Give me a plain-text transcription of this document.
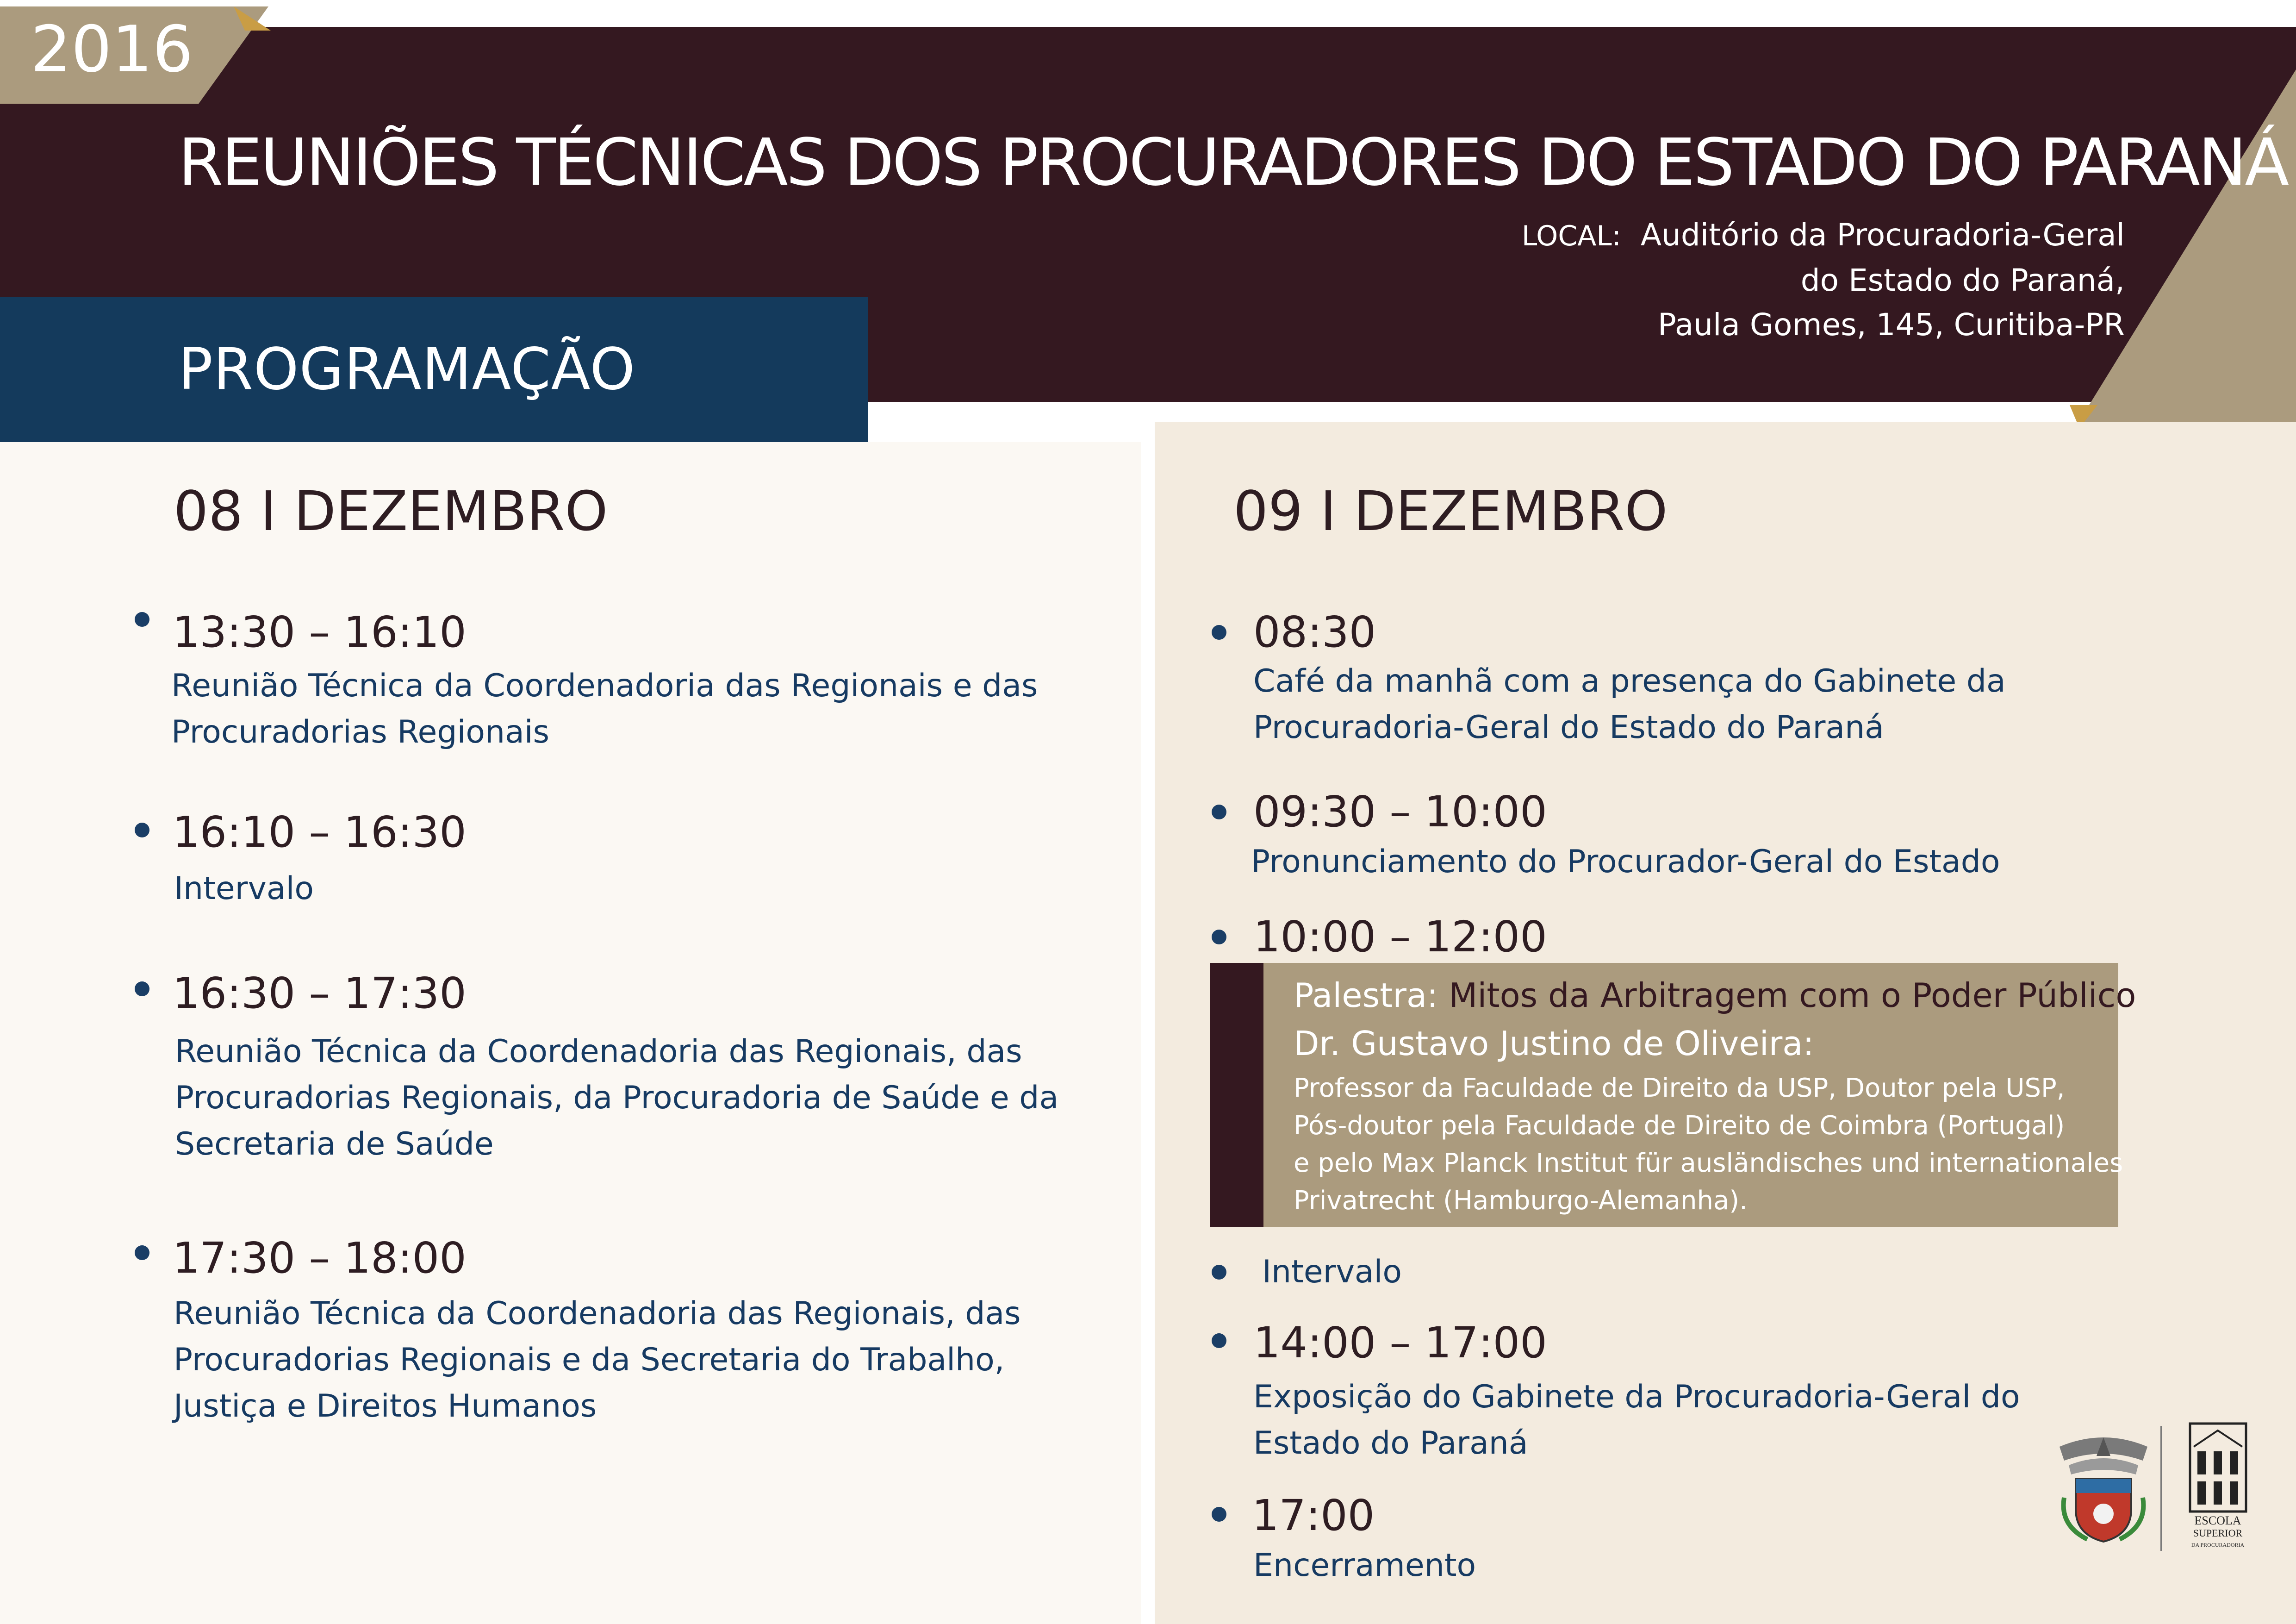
2016
REUNIÕES TÉCNICAS DOS PROCURADORES DO ESTADO DO PARANÁ
LOCAL: Auditório da Procuradoria-Geral
do Estado do Paraná,
Paula Gomes, 145, Curitiba-PR
PROGRAMAÇÃO
08 I DEZEMBRO
13:30 – 16:10
Reunião Técnica da Coordenadoria das Regionais e das
Procuradorias Regionais
16:10 – 16:30
Intervalo
16:30 – 17:30
Reunião Técnica da Coordenadoria das Regionais, das
Procuradorias Regionais, da Procuradoria de Saúde e da
Secretaria de Saúde
17:30 – 18:00
Reunião Técnica da Coordenadoria das Regionais, das
Procuradorias Regionais e da Secretaria do Trabalho,
Justiça e Direitos Humanos
09 I DEZEMBRO
08:30
Café da manhã com a presença do Gabinete da
Procuradoria-Geral do Estado do Paraná
09:30 – 10:00
Pronunciamento do Procurador-Geral do Estado
10:00 – 12:00
Palestra: Mitos da Arbitragem com o Poder Público
Dr. Gustavo Justino de Oliveira:
Professor da Faculdade de Direito da USP, Doutor pela USP,
Pós-doutor pela Faculdade de Direito de Coimbra (Portugal)
e pelo Max Planck Institut für ausländisches und internationales
Privatrecht (Hamburgo-Alemanha).
Intervalo
14:00 – 17:00
Exposição do Gabinete da Procuradoria-Geral do
Estado do Paraná
17:00
Encerramento
ESCOLA
SUPERIOR
DA PROCURADORIA
